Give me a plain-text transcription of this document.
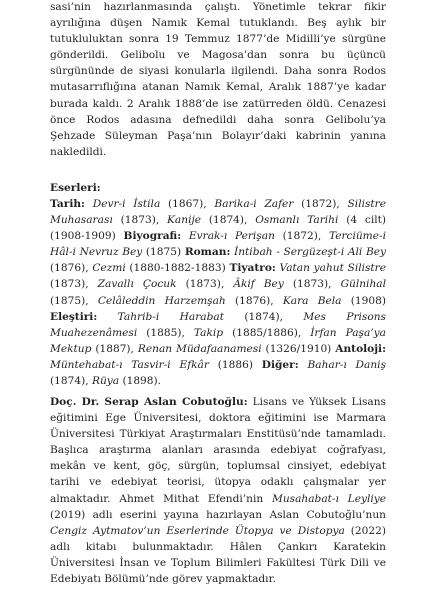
sasi’nin hazırlanmasında çalıştı. Yönetimle tekrar fikir ayrılığına düşen Namık Kemal tutuklandı. Beş aylık bir tutukluluktan sonra 19 Temmuz 1877’de Midilli’ye sürgüne gönderildi. Gelibolu ve Magosa’dan sonra bu üçüncü sürgününde de siyasi konularla ilgilendi. Daha sonra Rodos mutasarrıflığına atanan Namık Kemal, Aralık 1887’ye kadar burada kaldı. 2 Aralık 1888’de ise zatürreden öldü. Cenazesi önce Rodos adasına defnedildi daha sonra Gelibolu’ya Şehzade Süleyman Paşa’nın Bolayır’daki kabrinin yanına nakledildi.

Eserleri:

Tarih: Devr-i İstila (1867), Barika-i Zafer (1872), Silistre Muhasarası (1873), Kanije (1874), Osmanlı Tarihi (4 cilt) (1908-1909) Biyografi: Evrak-ı Perişan (1872), Terciüme-i Hâl-i Nevruz Bey (1875) Roman: İntibah - Sergüzeşt-i Ali Bey (1876), Cezmi (1880-1882-1883) Tiyatro: Vatan yahut Silistre (1873), Zavallı Çocuk (1873), Âkif Bey (1873), Gülnihal (1875), Celâleddin Harzemşah (1876), Kara Bela (1908) Eleştiri: Tahrib-i Harabat (1874), Mes Prisons Muahezenâmesi (1885), Takip (1885/1886), İrfan Paşa’ya Mektup (1887), Renan Müdafaanamesi (1326/1910) Antoloji: Müntehabat-ı Tasvir-i Efkâr (1886) Diğer: Bahar-ı Daniş (1874), Rüya (1898).

Doç. Dr. Serap Aslan Cobutoğlu: Lisans ve Yüksek Lisans eğitimini Ege Üniversitesi, doktora eğitimini ise Marmara Üniversitesi Türkiyat Araştırmaları Enstitüsü’nde tamamladı. Başlıca araştırma alanları arasında edebiyat coğrafyası, mekân ve kent, göç, sürgün, toplumsal cinsiyet, edebiyat tarihi ve edebiyat teorisi, ütopya odaklı çalışmalar yer almaktadır. Ahmet Mithat Efendi’nin Musahabat-ı Leyliye (2019) adlı eserini yayına hazırlayan Aslan Cobutoğlu’nun Cengiz Aytmatov’un Eserlerinde Ütopya ve Distopya (2022) adlı kitabı bulunmaktadır. Hâlen Çankırı Karatekin Üniversitesi İnsan ve Toplum Bilimleri Fakültesi Türk Dili ve Edebiyatı Bölümü’nde görev yapmaktadır.
